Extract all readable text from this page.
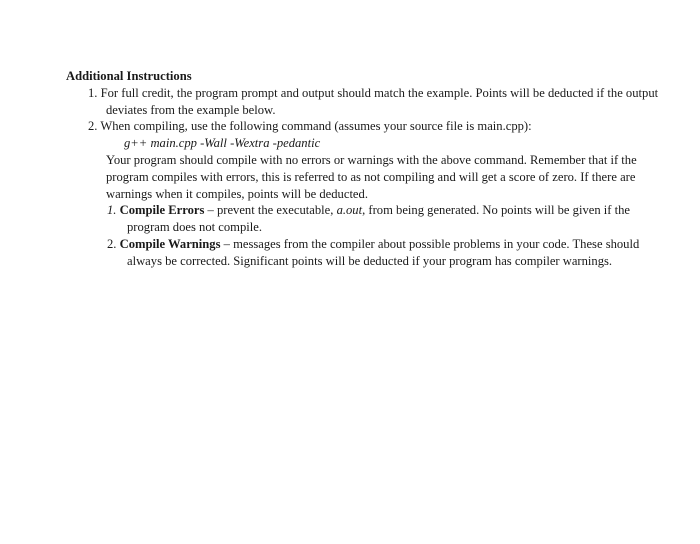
Additional Instructions

1. For full credit, the program prompt and output should match the example. Points will be deducted if the output deviates from the example below.

2. When compiling, use the following command (assumes your source file is main.cpp):

g++ main.cpp -Wall -Wextra -pedantic

Your program should compile with no errors or warnings with the above command. Remember that if the program compiles with errors, this is referred to as not compiling and will get a score of zero. If there are warnings when it compiles, points will be deducted.

1. Compile Errors – prevent the executable, a.out, from being generated. No points will be given if the program does not compile.

2. Compile Warnings – messages from the compiler about possible problems in your code. These should always be corrected. Significant points will be deducted if your program has compiler warnings.
